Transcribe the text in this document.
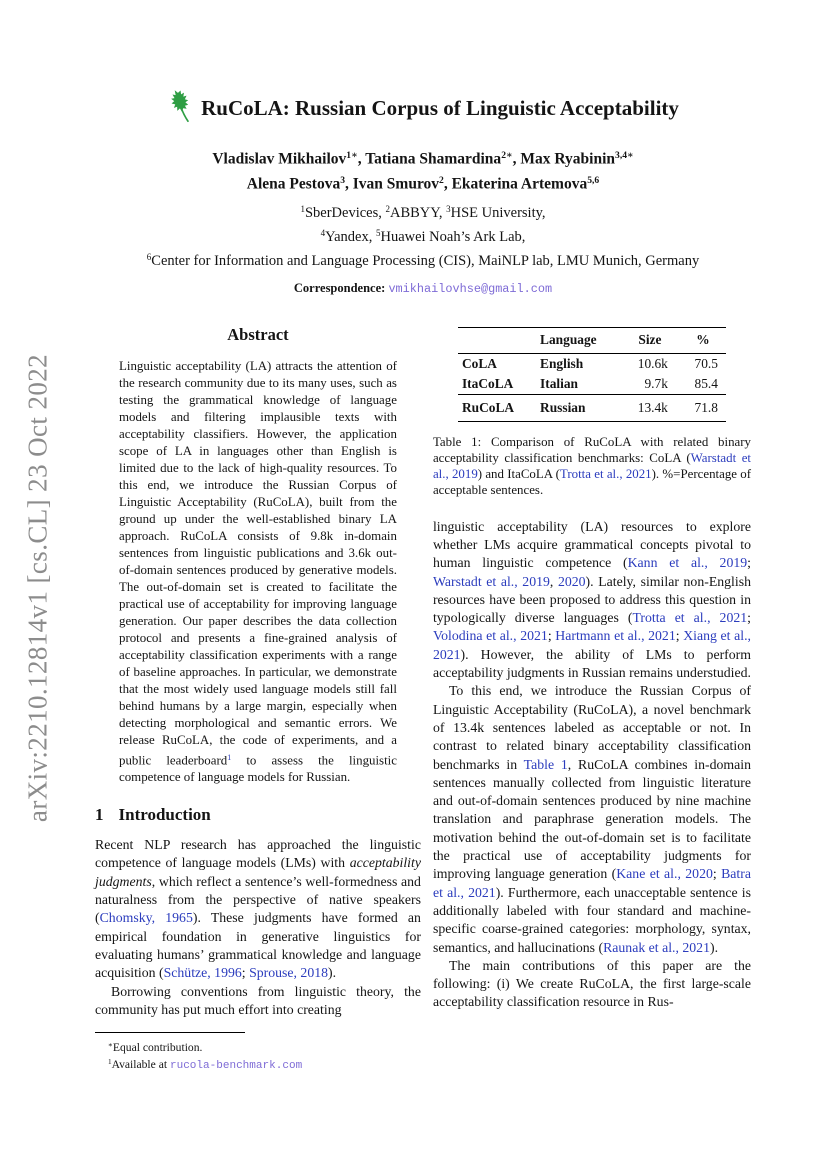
arXiv:2210.12814v1 [cs.CL] 23 Oct 2022
RuCoLA: Russian Corpus of Linguistic Acceptability
Vladislav Mikhailov$^{1∗}$, Tatiana Shamardina$^{2∗}$, Max Ryabinin$^{3,4∗}$
Alena Pestova$^3$, Ivan Smurov$^2$, Ekaterina Artemova$^{5,6}$
$^1$SberDevices, $^2$ABBYY, $^3$HSE University,
$^4$Yandex, $^5$Huawei Noah’s Ark Lab,
$^6$Center for Information and Language Processing (CIS), MaiNLP lab, LMU Munich, Germany
Correspondence: vmikhailovhse@gmail.com
Abstract

Linguistic acceptability (LA) attracts the attention of the research community due to its many uses, such as testing the grammatical knowledge of language models and filtering implausible texts with acceptability classifiers. However, the application scope of LA in languages other than English is limited due to the lack of high-quality resources. To this end, we introduce the Russian Corpus of Linguistic Acceptability (RuCoLA), built from the ground up under the well-established binary LA approach. RuCoLA consists of 9.8k in-domain sentences from linguistic publications and 3.6k out-of-domain sentences produced by generative models. The out-of-domain set is created to facilitate the practical use of acceptability for improving language generation. Our paper describes the data collection protocol and presents a fine-grained analysis of acceptability classification experiments with a range of baseline approaches. In particular, we demonstrate that the most widely used language models still fall behind humans by a large margin, especially when detecting morphological and semantic errors. We release RuCoLA, the code of experiments, and a public leaderboard$^1$ to assess the linguistic competence of language models for Russian.

1 Introduction

Recent NLP research has approached the linguistic competence of language models (LMs) with acceptability judgments, which reflect a sentence’s well-formedness and naturalness from the perspective of native speakers (Chomsky, 1965). These judgments have formed an empirical foundation in generative linguistics for evaluating humans’ grammatical knowledge and language acquisition (Schütze, 1996; Sprouse, 2018).

Borrowing conventions from linguistic theory, the community has put much effort into creating

∗Equal contribution.
$^1$Available at rucola-benchmark.com
	Language	Size	%
CoLA	English	10.6k	70.5
ItaCoLA	Italian	9.7k	85.4
RuCoLA	Russian	13.4k	71.8

Table 1: Comparison of RuCoLA with related binary acceptability classification benchmarks: CoLA (Warstadt et al., 2019) and ItaCoLA (Trotta et al., 2021). %=Percentage of acceptable sentences.

linguistic acceptability (LA) resources to explore whether LMs acquire grammatical concepts pivotal to human linguistic competence (Kann et al., 2019; Warstadt et al., 2019, 2020). Lately, similar non-English resources have been proposed to address this question in typologically diverse languages (Trotta et al., 2021; Volodina et al., 2021; Hartmann et al., 2021; Xiang et al., 2021). However, the ability of LMs to perform acceptability judgments in Russian remains understudied.

To this end, we introduce the Russian Corpus of Linguistic Acceptability (RuCoLA), a novel benchmark of 13.4k sentences labeled as acceptable or not. In contrast to related binary acceptability classification benchmarks in Table 1, RuCoLA combines in-domain sentences manually collected from linguistic literature and out-of-domain sentences produced by nine machine translation and paraphrase generation models. The motivation behind the out-of-domain set is to facilitate the practical use of acceptability judgments for improving language generation (Kane et al., 2020; Batra et al., 2021). Furthermore, each unacceptable sentence is additionally labeled with four standard and machine-specific coarse-grained categories: morphology, syntax, semantics, and hallucinations (Raunak et al., 2021).

The main contributions of this paper are the following: (i) We create RuCoLA, the first large-scale acceptability classification resource in Rus-
